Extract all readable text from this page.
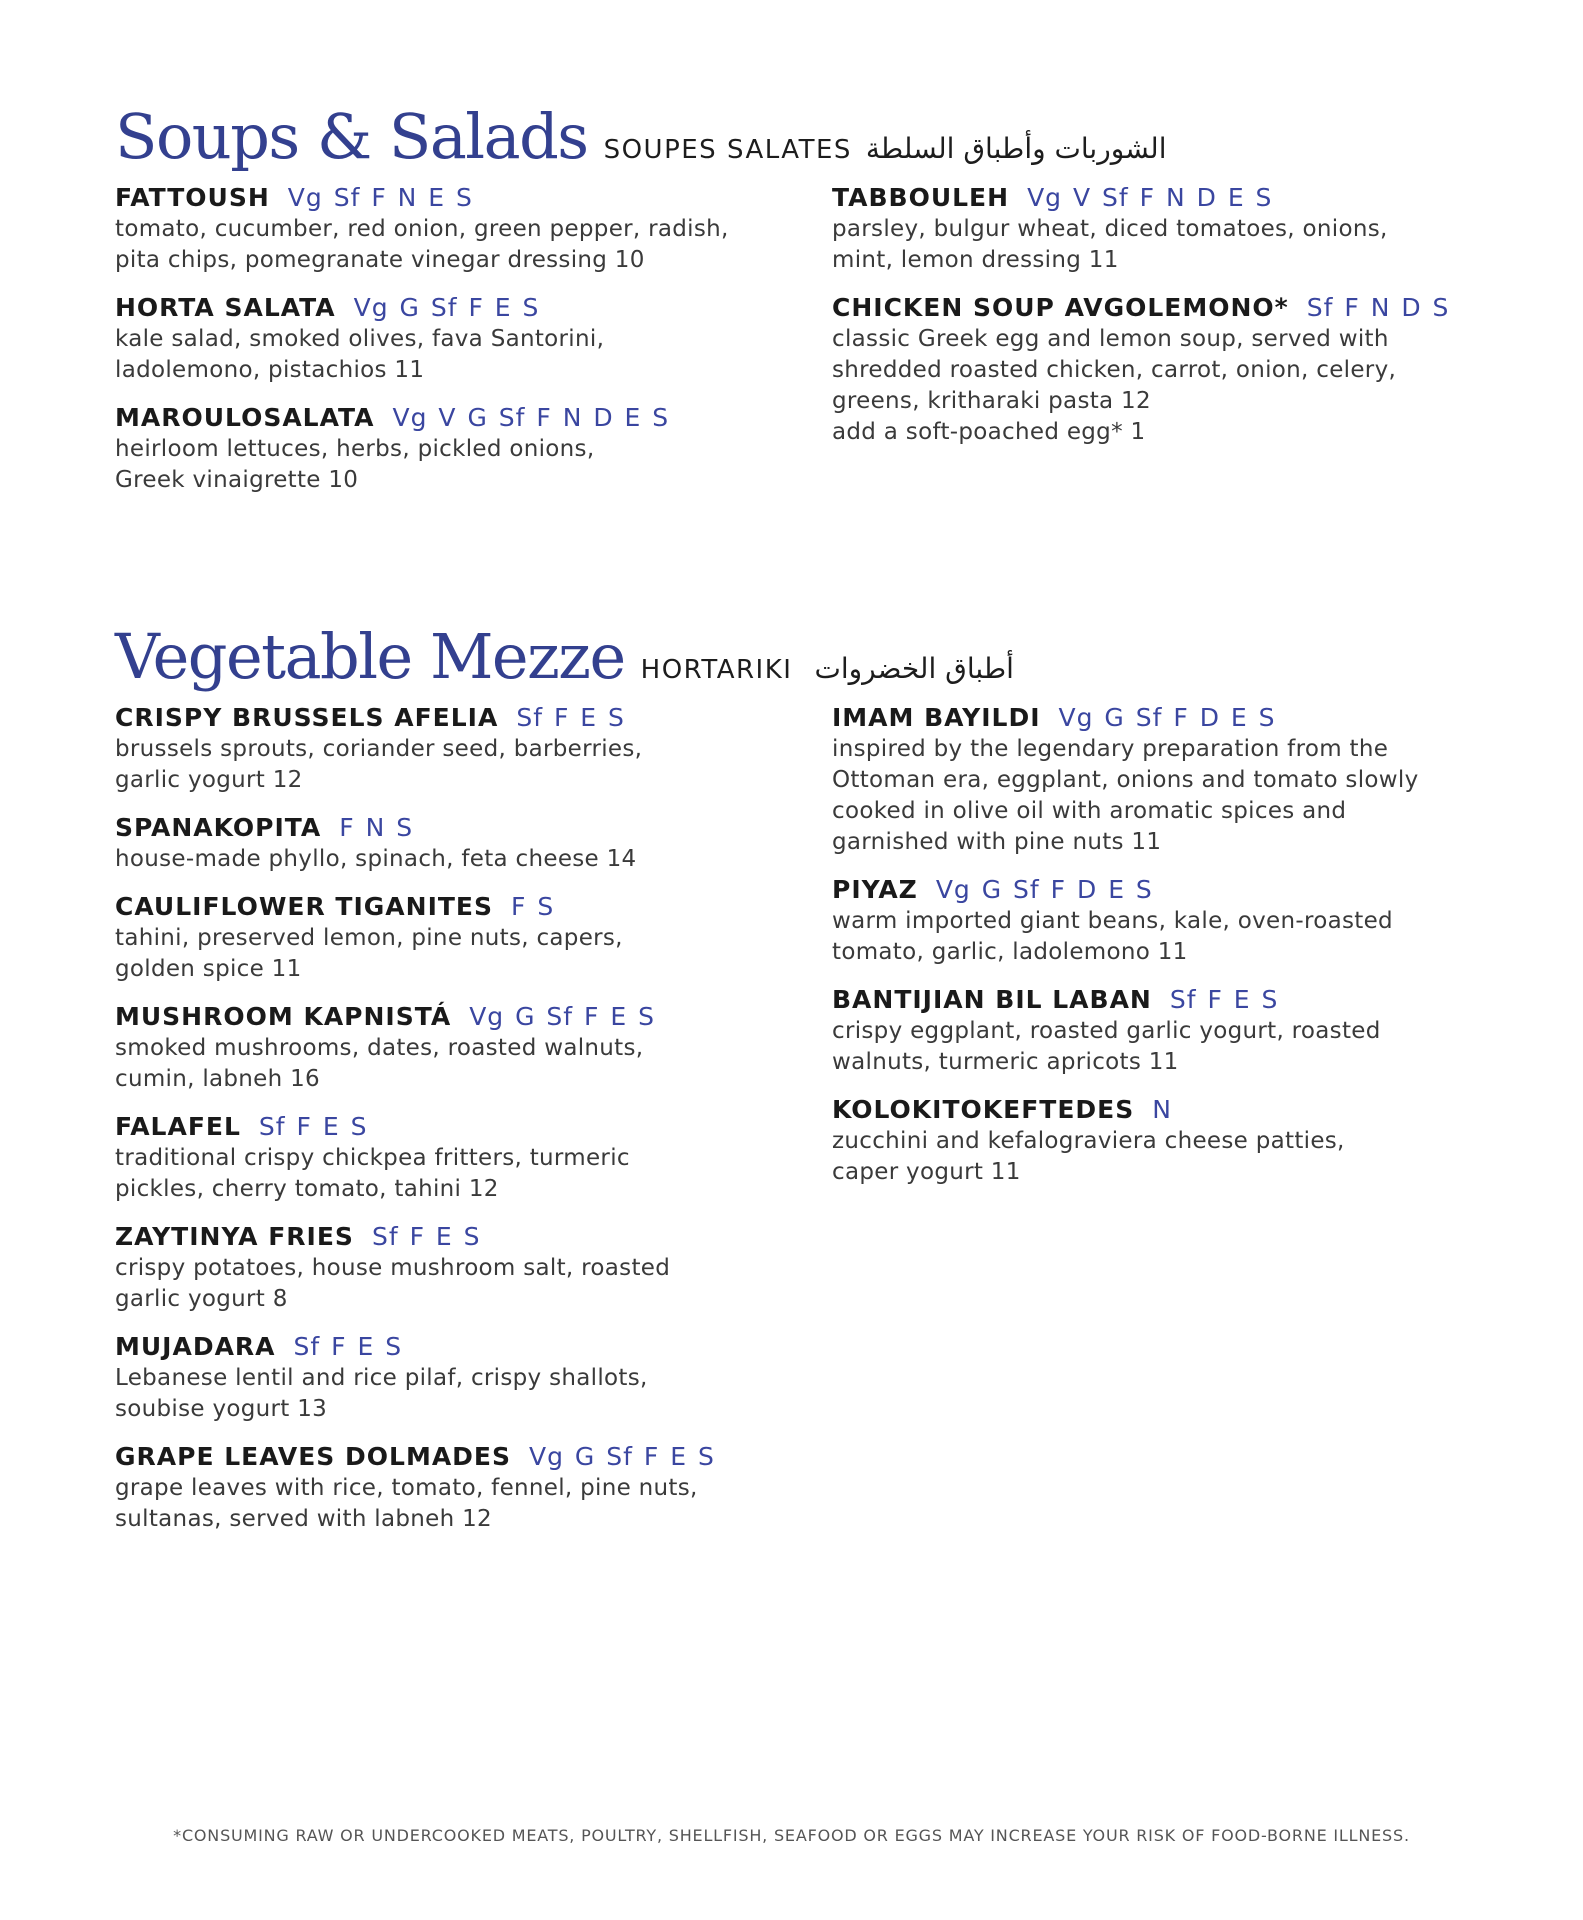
Soups & Salads SOUPES SALATES الشوربات وأطباق السلطة
FATTOUSH Vg Sf F N E S
tomato, cucumber, red onion, green pepper, radish,
pita chips, pomegranate vinegar dressing 10
HORTA SALATA Vg G Sf F E S
kale salad, smoked olives, fava Santorini,
ladolemono, pistachios 11
MAROULOSALATA Vg V G Sf F N D E S
heirloom lettuces, herbs, pickled onions,
Greek vinaigrette 10
TABBOULEH Vg V Sf F N D E S
parsley, bulgur wheat, diced tomatoes, onions,
mint, lemon dressing 11
CHICKEN SOUP AVGOLEMONO* Sf F N D S
classic Greek egg and lemon soup, served with
shredded roasted chicken, carrot, onion, celery,
greens, kritharaki pasta 12
add a soft-poached egg* 1
Vegetable Mezze HORTARIKI أطباق الخضروات
CRISPY BRUSSELS AFELIA Sf F E S
brussels sprouts, coriander seed, barberries,
garlic yogurt 12
SPANAKOPITA F N S
house-made phyllo, spinach, feta cheese 14
CAULIFLOWER TIGANITES F S
tahini, preserved lemon, pine nuts, capers,
golden spice 11
MUSHROOM KAPNISTÁ Vg G Sf F E S
smoked mushrooms, dates, roasted walnuts,
cumin, labneh 16
FALAFEL Sf F E S
traditional crispy chickpea fritters, turmeric
pickles, cherry tomato, tahini 12
ZAYTINYA FRIES Sf F E S
crispy potatoes, house mushroom salt, roasted
garlic yogurt 8
MUJADARA Sf F E S
Lebanese lentil and rice pilaf, crispy shallots,
soubise yogurt 13
GRAPE LEAVES DOLMADES Vg G Sf F E S
grape leaves with rice, tomato, fennel, pine nuts,
sultanas, served with labneh 12
IMAM BAYILDI Vg G Sf F D E S
inspired by the legendary preparation from the
Ottoman era, eggplant, onions and tomato slowly
cooked in olive oil with aromatic spices and
garnished with pine nuts 11
PIYAZ Vg G Sf F D E S
warm imported giant beans, kale, oven-roasted
tomato, garlic, ladolemono 11
BANTIJIAN BIL LABAN Sf F E S
crispy eggplant, roasted garlic yogurt, roasted
walnuts, turmeric apricots 11
KOLOKITOKEFTEDES N
zucchini and kefalograviera cheese patties,
caper yogurt 11
*CONSUMING RAW OR UNDERCOOKED MEATS, POULTRY, SHELLFISH, SEAFOOD OR EGGS MAY INCREASE YOUR RISK OF FOOD-BORNE ILLNESS.
